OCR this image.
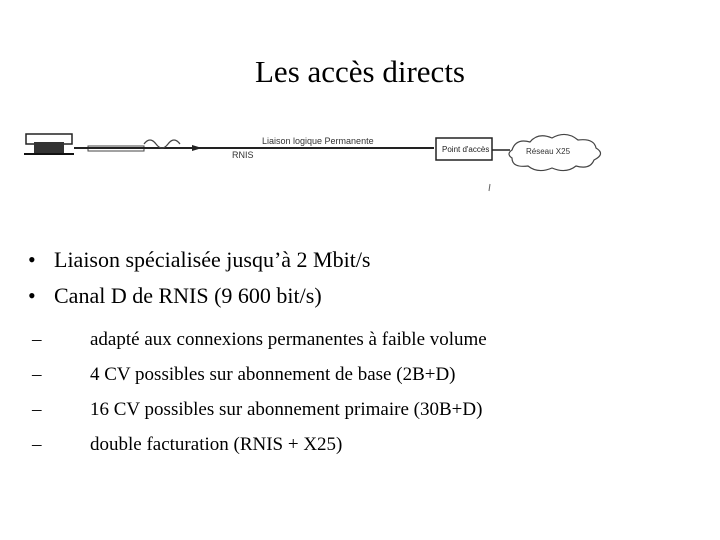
Les accès directs
Liaison logique Permanente
RNIS
Point d'accès	Réseau X25
• Liaison spécialisée jusqu’à 2 Mbit/s
• Canal D de RNIS (9 600 bit/s)
–	adapté aux connexions permanentes à faible volume
–	4 CV possibles sur abonnement de base (2B+D)
–	16 CV possibles sur abonnement primaire (30B+D)
–	double facturation (RNIS + X25)
